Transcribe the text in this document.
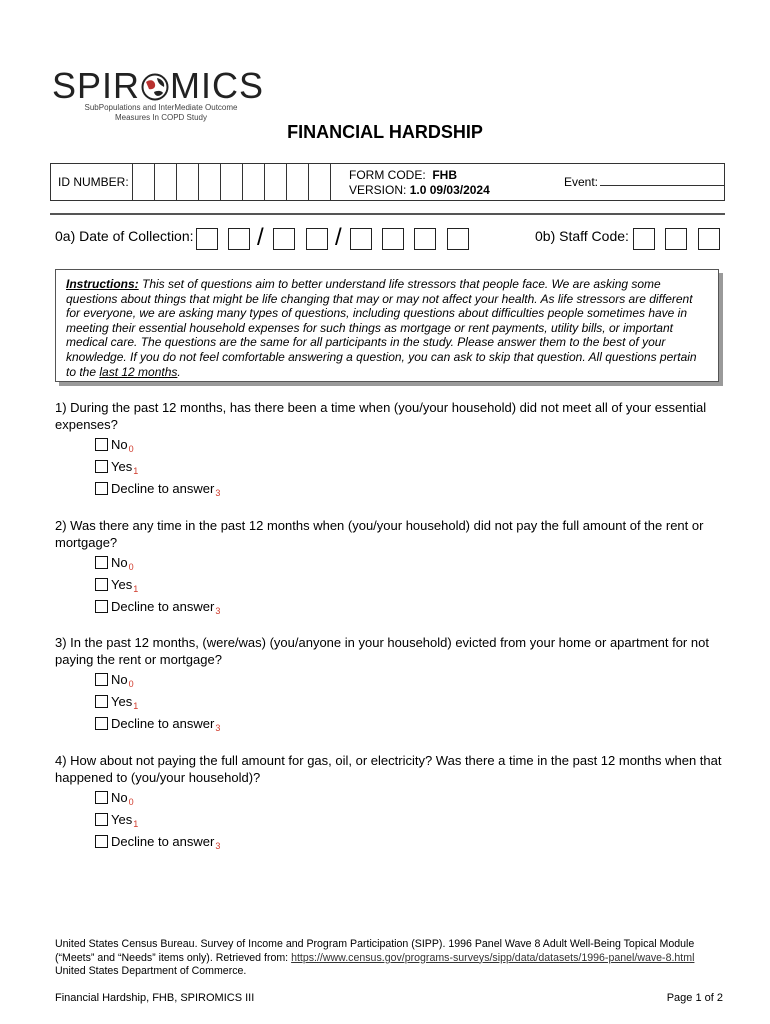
SPIR MICS
SubPopulations and InterMediate Outcome
Measures In COPD Study
FINANCIAL HARDSHIP
ID NUMBER:	FORM CODE: FHB
VERSION: 1.0 09/03/2024
Event:
0a) Date of Collection:	/	/	0b) Staff Code:
Instructions: This set of questions aim to better understand life stressors that people face. We are asking some questions about things that might be life changing that may or may not affect your health. As life stressors are different for everyone, we are asking many types of questions, including questions about difficulties people sometimes have in meeting their essential household expenses for such things as mortgage or rent payments, utility bills, or important medical care. The questions are the same for all participants in the study. Please answer them to the best of your knowledge. If you do not feel comfortable answering a question, you can ask to skip that question. All questions pertain to the last 12 months.
1) During the past 12 months, has there been a time when (you/your household) did not meet all of your essential expenses?
$No_0$
Yes$_1$
Decline to answer$_3$
2) Was there any time in the past 12 months when (you/your household) did not pay the full amount of the rent or mortgage?
$No_0$
Yes$_1$
Decline to answer$_3$
3) In the past 12 months, (were/was) (you/anyone in your household) evicted from your home or apartment for not paying the rent or mortgage?
$No_0$
Yes$_1$
Decline to answer$_3$
4) How about not paying the full amount for gas, oil, or electricity? Was there a time in the past 12 months when that happened to (you/your household)?
$No_0$
Yes$_1$
Decline to answer$_3$
United States Census Bureau. Survey of Income and Program Participation (SIPP). 1996 Panel Wave 8 Adult Well-Being Topical Module (“Meets” and “Needs” items only). Retrieved from: https://www.census.gov/programs-surveys/sipp/data/datasets/1996-panel/wave-8.html United States Department of Commerce.
Financial Hardship, FHB, SPIROMICS III	Page 1 of 2
